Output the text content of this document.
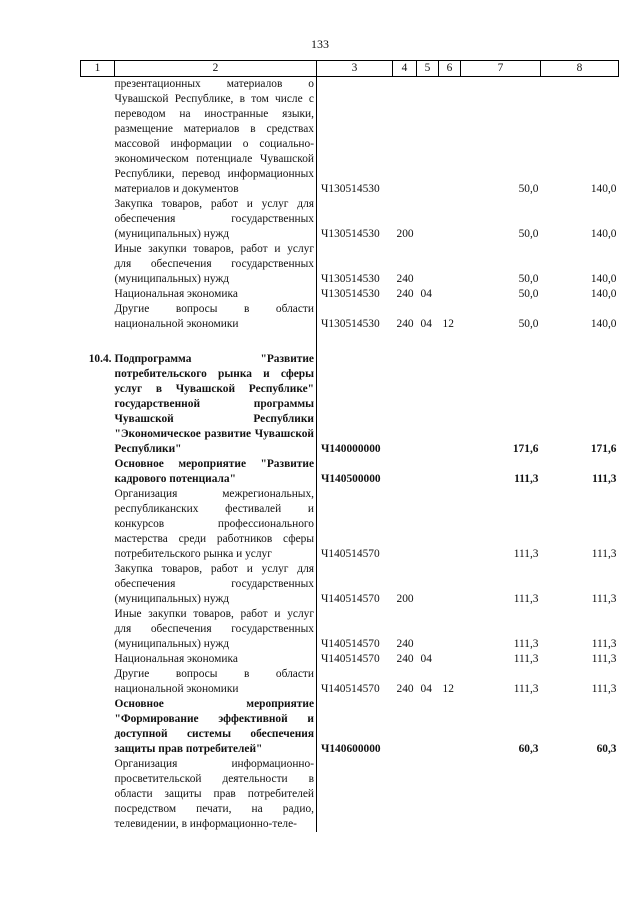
133
1	2	3	4	5	6	7	8
	презентационных материалов о Чувашской Республике, в том числе с переводом на иностранные языки, размещение материалов в средствах массовой информации о социально-экономическом потенциале Чувашской Республики, перевод информационных материалов и документов	Ч130514530				50,0	140,0
	Закупка товаров, работ и услуг для обеспечения государственных (муниципальных) нужд	Ч130514530	200			50,0	140,0
	Иные закупки товаров, работ и услуг для обеспечения государственных (муниципальных) нужд	Ч130514530	240			50,0	140,0
	Национальная экономика	Ч130514530	240	04		50,0	140,0
	Другие вопросы в области национальной экономики	Ч130514530	240	04	12	50,0	140,0

10.4.	Подпрограмма "Развитие потребительского рынка и сферы услуг в Чувашской Республике" государственной программы Чувашской Республики "Экономическое развитие Чувашской Республики"	Ч140000000				171,6	171,6
	Основное мероприятие "Развитие кадрового потенциала"	Ч140500000				111,3	111,3
	Организация межрегиональных, республиканских фестивалей и конкурсов профессионального мастерства среди работников сферы потребительского рынка и услуг	Ч140514570				111,3	111,3
	Закупка товаров, работ и услуг для обеспечения государственных (муниципальных) нужд	Ч140514570	200			111,3	111,3
	Иные закупки товаров, работ и услуг для обеспечения государственных (муниципальных) нужд	Ч140514570	240			111,3	111,3
	Национальная экономика	Ч140514570	240	04		111,3	111,3
	Другие вопросы в области национальной экономики	Ч140514570	240	04	12	111,3	111,3
	Основное мероприятие "Формирование эффективной и доступной системы обеспечения защиты прав потребителей"	Ч140600000				60,3	60,3
	Организация информационно-просветительской деятельности в области защиты прав потребителей посредством печати, на радио, телевидении, в информационно-теле-						
